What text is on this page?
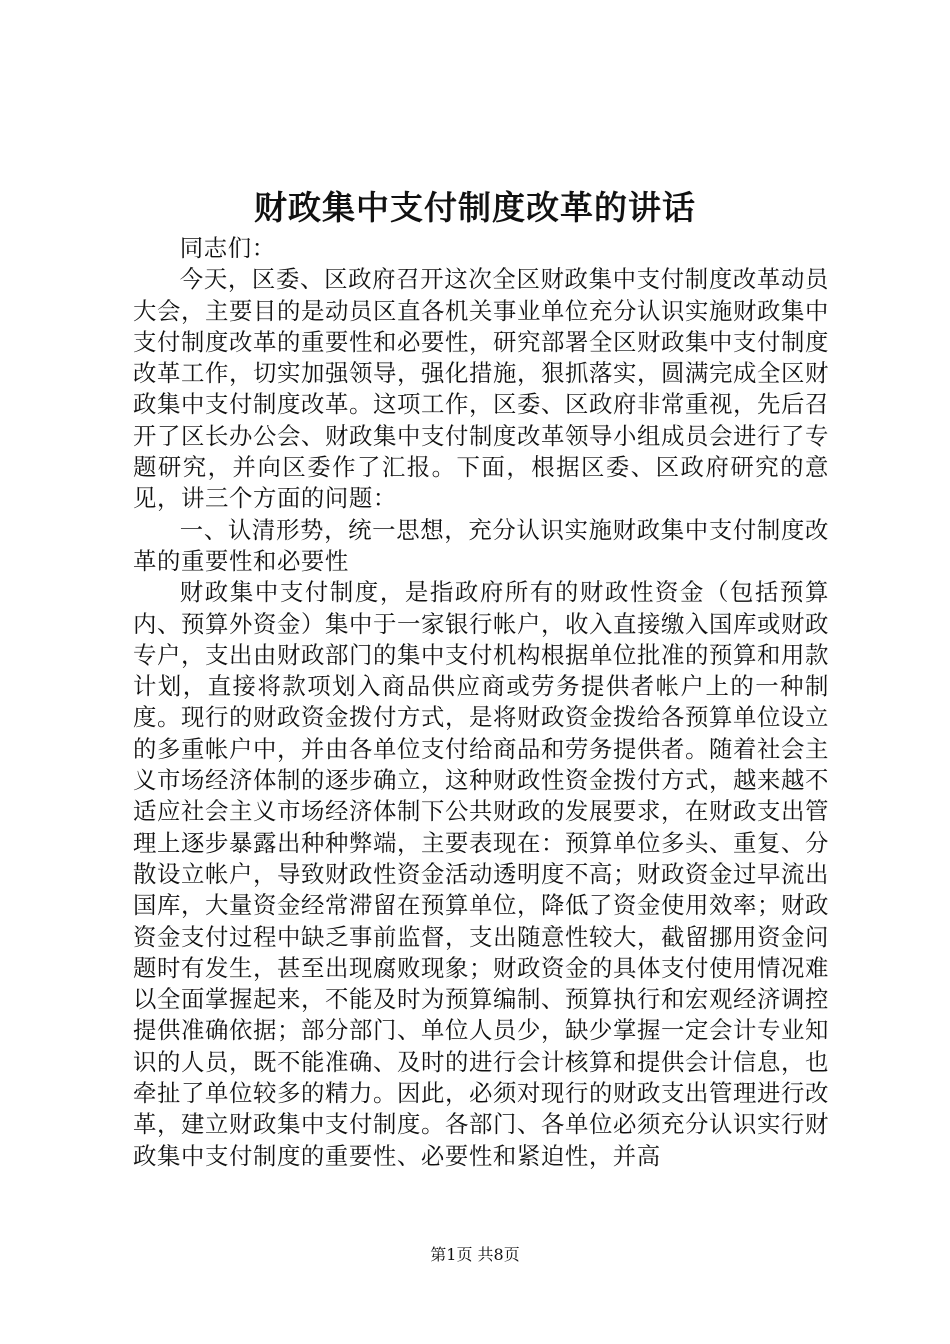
财政集中支付制度改革的讲话

同志们：

今天，区委、区政府召开这次全区财政集中支付制度改革动员大会，主要目的是动员区直各机关事业单位充分认识实施财政集中支付制度改革的重要性和必要性，研究部署全区财政集中支付制度改革工作，切实加强领导，强化措施，狠抓落实，圆满完成全区财政集中支付制度改革。这项工作，区委、区政府非常重视，先后召开了区长办公会、财政集中支付制度改革领导小组成员会进行了专题研究，并向区委作了汇报。下面，根据区委、区政府研究的意见，讲三个方面的问题：

一、认清形势，统一思想，充分认识实施财政集中支付制度改革的重要性和必要性

财政集中支付制度，是指政府所有的财政性资金（包括预算内、预算外资金）集中于一家银行帐户，收入直接缴入国库或财政专户，支出由财政部门的集中支付机构根据单位批准的预算和用款计划，直接将款项划入商品供应商或劳务提供者帐户上的一种制度。现行的财政资金拨付方式，是将财政资金拨给各预算单位设立的多重帐户中，并由各单位支付给商品和劳务提供者。随着社会主义市场经济体制的逐步确立，这种财政性资金拨付方式，越来越不适应社会主义市场经济体制下公共财政的发展要求，在财政支出管理上逐步暴露出种种弊端，主要表现在：预算单位多头、重复、分散设立帐户，导致财政性资金活动透明度不高；财政资金过早流出国库，大量资金经常滞留在预算单位，降低了资金使用效率；财政资金支付过程中缺乏事前监督，支出随意性较大，截留挪用资金问题时有发生，甚至出现腐败现象；财政资金的具体支付使用情况难以全面掌握起来，不能及时为预算编制、预算执行和宏观经济调控提供准确依据；部分部门、单位人员少，缺少掌握一定会计专业知识的人员，既不能准确、及时的进行会计核算和提供会计信息，也牵扯了单位较多的精力。因此，必须对现行的财政支出管理进行改革，建立财政集中支付制度。各部门、各单位必须充分认识实行财政集中支付制度的重要性、必要性和紧迫性，并高

第1页 共8页
